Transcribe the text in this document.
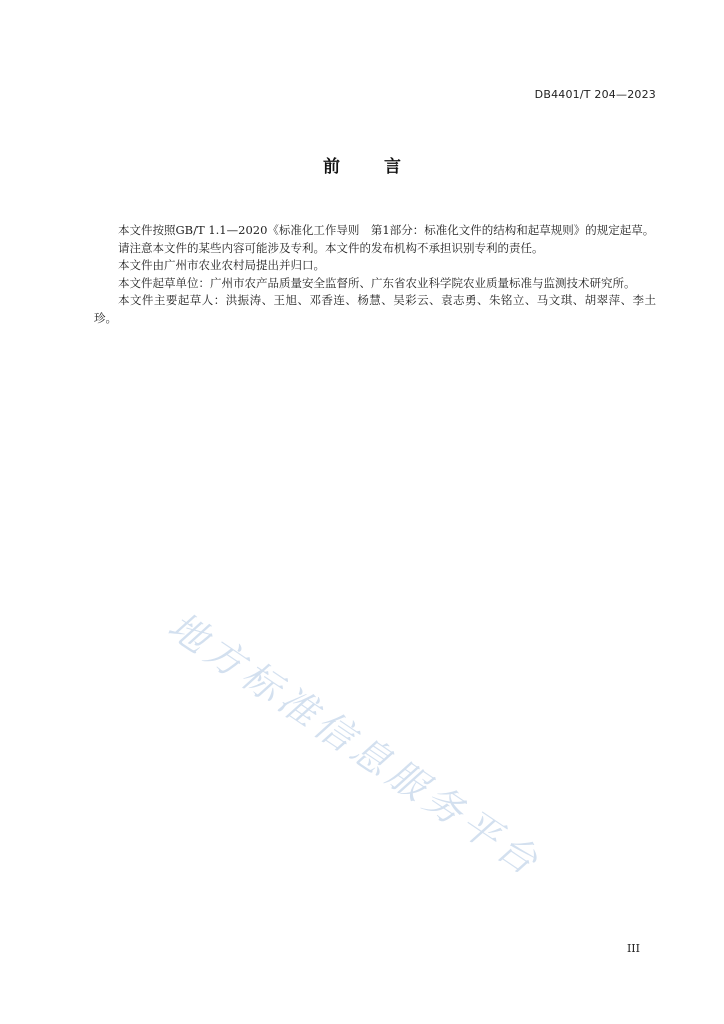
DB4401/T 204—2023
前言

本文件按照GB/T 1.1—2020《标准化工作导则　第1部分：标准化文件的结构和起草规则》的规定起草。

请注意本文件的某些内容可能涉及专利。本文件的发布机构不承担识别专利的责任。

本文件由广州市农业农村局提出并归口。

本文件起草单位：广州市农产品质量安全监督所、广东省农业科学院农业质量标准与监测技术研究所。

本文件主要起草人：洪振涛、王旭、邓香连、杨慧、吴彩云、袁志勇、朱铭立、马文琪、胡翠萍、李土珍。

地方标准信息服务平台
III
